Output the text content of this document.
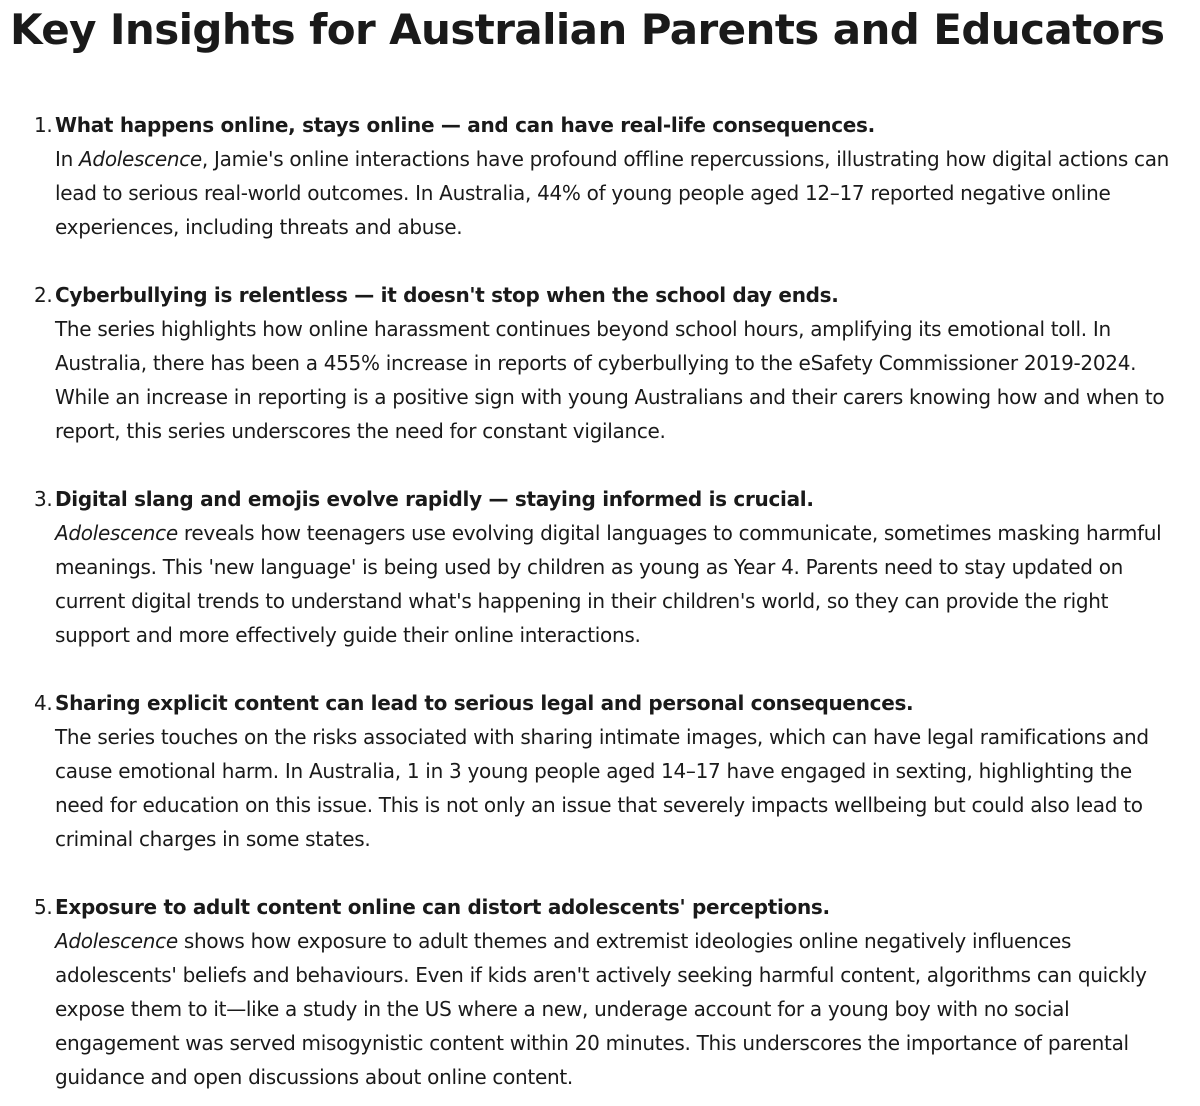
Key Insights for Australian Parents and Educators
1. What happens online, stays online — and can have real-life consequences.
In Adolescence, Jamie's online interactions have profound offline repercussions, illustrating how digital actions can lead to serious real-world outcomes. In Australia, 44% of young people aged 12–17 reported negative online experiences, including threats and abuse.
2. Cyberbullying is relentless — it doesn't stop when the school day ends.
The series highlights how online harassment continues beyond school hours, amplifying its emotional toll. In Australia, there has been a 455% increase in reports of cyberbullying to the eSafety Commissioner 2019-2024. While an increase in reporting is a positive sign with young Australians and their carers knowing how and when to report, this series underscores the need for constant vigilance.
3. Digital slang and emojis evolve rapidly — staying informed is crucial.
Adolescence reveals how teenagers use evolving digital languages to communicate, sometimes masking harmful meanings. This 'new language' is being used by children as young as Year 4. Parents need to stay updated on current digital trends to understand what's happening in their children's world, so they can provide the right support and more effectively guide their online interactions.
4. Sharing explicit content can lead to serious legal and personal consequences.
The series touches on the risks associated with sharing intimate images, which can have legal ramifications and cause emotional harm. In Australia, 1 in 3 young people aged 14–17 have engaged in sexting, highlighting the need for education on this issue. This is not only an issue that severely impacts wellbeing but could also lead to criminal charges in some states.
5. Exposure to adult content online can distort adolescents' perceptions.
Adolescence shows how exposure to adult themes and extremist ideologies online negatively influences adolescents' beliefs and behaviours. Even if kids aren't actively seeking harmful content, algorithms can quickly expose them to it—like a study in the US where a new, underage account for a young boy with no social engagement was served misogynistic content within 20 minutes. This underscores the importance of parental guidance and open discussions about online content.
